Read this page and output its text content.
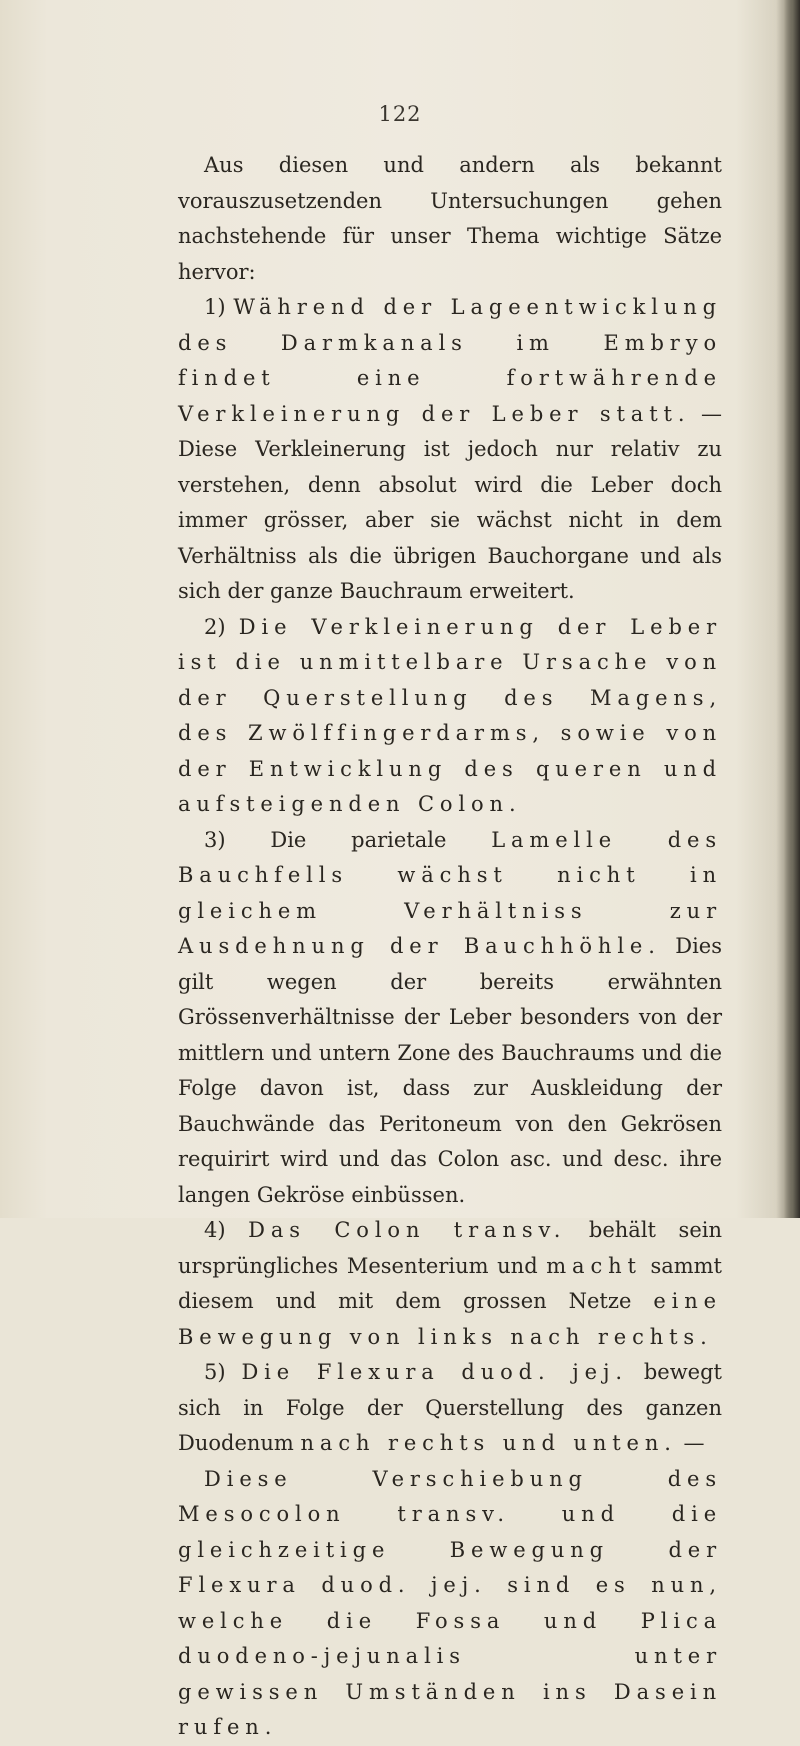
122

Aus diesen und andern als bekannt vorauszusetzenden Untersuchungen gehen nachstehende für unser Thema wichtige Sätze hervor:

1) Während der Lageentwicklung des Darmkanals im Embryo findet eine fortwährende Verkleinerung der Leber statt. — Diese Verkleinerung ist jedoch nur relativ zu verstehen, denn absolut wird die Leber doch immer grösser, aber sie wächst nicht in dem Verhältniss als die übrigen Bauchorgane und als sich der ganze Bauchraum erweitert.

2) Die Verkleinerung der Leber ist die unmittelbare Ursache von der Querstellung des Magens, des Zwölffingerdarms, sowie von der Entwicklung des queren und aufsteigenden Colon.

3) Die parietale Lamelle des Bauchfells wächst nicht in gleichem Verhältniss zur Ausdehnung der Bauchhöhle. Dies gilt wegen der bereits erwähnten Grössenverhältnisse der Leber besonders von der mittlern und untern Zone des Bauchraums und die Folge davon ist, dass zur Auskleidung der Bauchwände das Peritoneum von den Gekrösen requirirt wird und das Colon asc. und desc. ihre langen Gekröse einbüssen.

4) Das Colon transv. behält sein ursprüngliches Mesenterium und macht sammt diesem und mit dem grossen Netze eine Bewegung von links nach rechts.

5) Die Flexura duod. jej. bewegt sich in Folge der Querstellung des ganzen Duodenum nach rechts und unten. —

Diese Verschiebung des Mesocolon transv. und die gleichzeitige Bewegung der Flexura duod. jej. sind es nun, welche die Fossa und Plica duodeno-jejunalis unter gewissen Umständen ins Dasein rufen.
